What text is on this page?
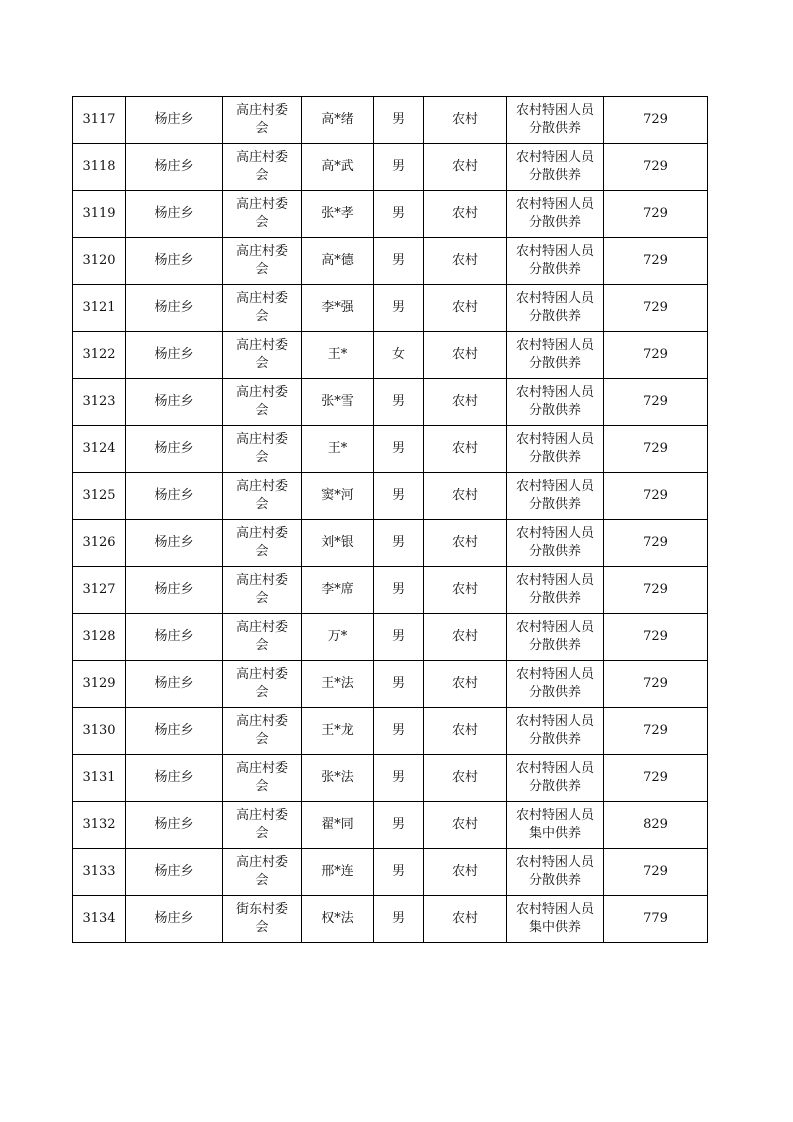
3117	杨庄乡	高庄村委
会	高*绪	男	农村	农村特困人员
分散供养	729
3118	杨庄乡	高庄村委
会	高*武	男	农村	农村特困人员
分散供养	729
3119	杨庄乡	高庄村委
会	张*孝	男	农村	农村特困人员
分散供养	729
3120	杨庄乡	高庄村委
会	高*德	男	农村	农村特困人员
分散供养	729
3121	杨庄乡	高庄村委
会	李*强	男	农村	农村特困人员
分散供养	729
3122	杨庄乡	高庄村委
会	王*	女	农村	农村特困人员
分散供养	729
3123	杨庄乡	高庄村委
会	张*雪	男	农村	农村特困人员
分散供养	729
3124	杨庄乡	高庄村委
会	王*	男	农村	农村特困人员
分散供养	729
3125	杨庄乡	高庄村委
会	窦*河	男	农村	农村特困人员
分散供养	729
3126	杨庄乡	高庄村委
会	刘*银	男	农村	农村特困人员
分散供养	729
3127	杨庄乡	高庄村委
会	李*席	男	农村	农村特困人员
分散供养	729
3128	杨庄乡	高庄村委
会	万*	男	农村	农村特困人员
分散供养	729
3129	杨庄乡	高庄村委
会	王*法	男	农村	农村特困人员
分散供养	729
3130	杨庄乡	高庄村委
会	王*龙	男	农村	农村特困人员
分散供养	729
3131	杨庄乡	高庄村委
会	张*法	男	农村	农村特困人员
分散供养	729
3132	杨庄乡	高庄村委
会	翟*同	男	农村	农村特困人员
集中供养	829
3133	杨庄乡	高庄村委
会	邢*连	男	农村	农村特困人员
分散供养	729
3134	杨庄乡	街东村委
会	权*法	男	农村	农村特困人员
集中供养	779
